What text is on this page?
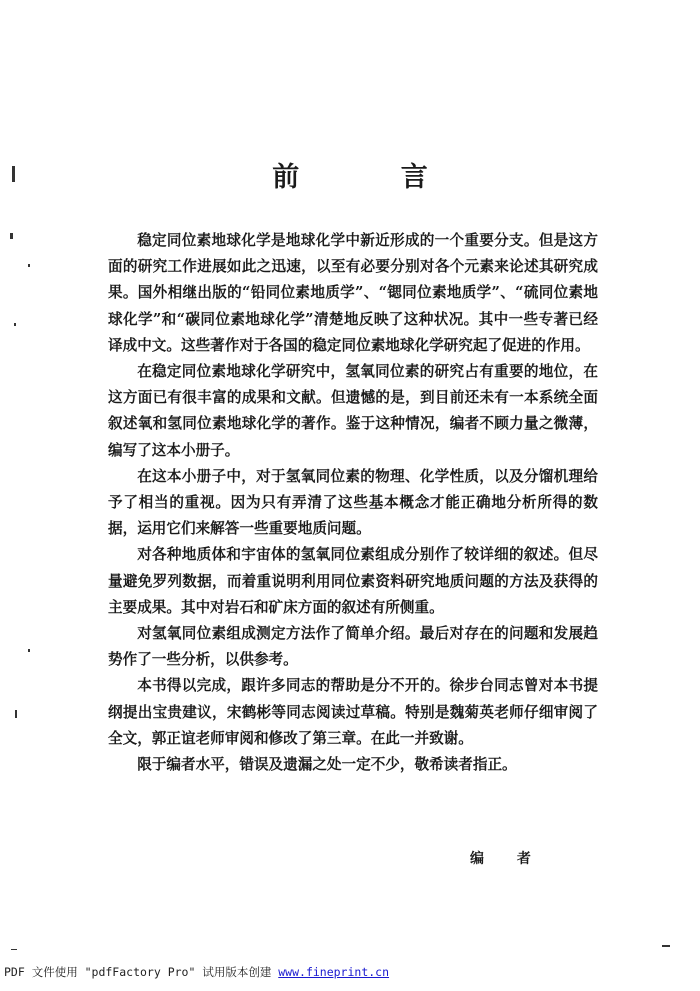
前 言

稳定同位素地球化学是地球化学中新近形成的一个重要分支。但是这方面的研究工作进展如此之迅速，以至有必要分别对各个元素来论述其研究成果。国外相继出版的“铅同位素地质学”、“锶同位素地质学”、“硫同位素地球化学”和“碳同位素地球化学”清楚地反映了这种状况。其中一些专著已经译成中文。这些著作对于各国的稳定同位素地球化学研究起了促进的作用。

在稳定同位素地球化学研究中，氢氧同位素的研究占有重要的地位，在这方面已有很丰富的成果和文献。但遗憾的是，到目前还未有一本系统全面叙述氧和氢同位素地球化学的著作。鉴于这种情况，编者不顾力量之微薄，编写了这本小册子。

在这本小册子中，对于氢氧同位素的物理、化学性质，以及分馏机理给予了相当的重视。因为只有弄清了这些基本概念才能正确地分析所得的数据，运用它们来解答一些重要地质问题。

对各种地质体和宇宙体的氢氧同位素组成分别作了较详细的叙述。但尽量避免罗列数据，而着重说明利用同位素资料研究地质问题的方法及获得的主要成果。其中对岩石和矿床方面的叙述有所侧重。

对氢氧同位素组成测定方法作了简单介绍。最后对存在的问题和发展趋势作了一些分析，以供参考。

本书得以完成，跟许多同志的帮助是分不开的。徐步台同志曾对本书提纲提出宝贵建议，宋鹤彬等同志阅读过草稿。特别是魏菊英老师仔细审阅了全文，郭正谊老师审阅和修改了第三章。在此一并致谢。

限于编者水平，错误及遗漏之处一定不少，敬希读者指正。

编 者
PDF 文件使用 "pdfFactory Pro" 试用版本创建 www.fineprint.cn
